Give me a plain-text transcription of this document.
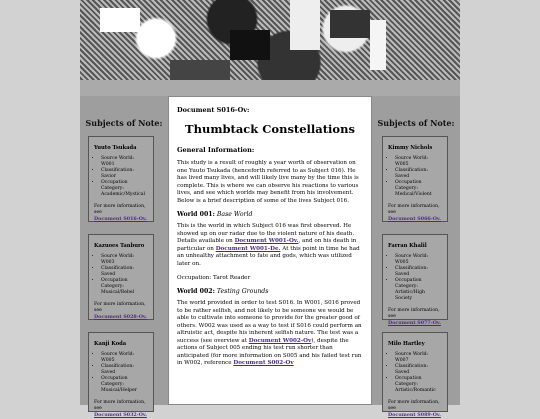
Subjects of Note:
Yuuto Tsukada
• Source World: W001
• Classification: Savior
• Occupation Category: Academic/Mystical

For more information, see
Document S016-Ov.

Kazuoes Tanburo
• Source World: W003
• Classification: Saved
• Occupation Category: Musical/Rebel

For more information, see
Document S028-Ov.

Kanji Koda
• Source World: W005
• Classification: Saved
• Occupation Category: Musical/Helper

For more information, see
Document S032-Ov.

Document S016-Ov:
Thumbtack Constellations
General Information:

This study is a result of roughly a year worth of observation on one Yuuto Tsukada (henceforth referred to as Subject 016). He has lived many lives, and will likely live many by the time this is complete. This is where we can observe his reactions to various lives, and see which worlds may benefit from his involvement. Below is a brief description of some of the lives Subject 016.

World 001: Base World

This is the world in which Subject 016 was first observed. He showed up on our radar due to the violent nature of his death. Details available on Document W001-Ov., and on his death in particular on Document W001-De. At this point in time he had an unhealthy attachment to fate and gods, which was utilized later on.

Occupation: Tarot Reader

World 002: Testing Grounds

The world provided in order to test S016. In W001, S016 proved to be rather selfish, and not likely to be someone we would be able to cultivate into someone to provide for the greater good of others. W002 was used as a way to test if S016 could perform an altruistic act, despite his inherent selfish nature. The test was a success (see overview at Document W002-Ov), despite the actions of Subject 005 ending his test run shorter than anticipated (for more information on S005 and his failed test run in W002, reference Document S002-Ov

Subjects of Note:
Kimmy Nichols
• Source World: W005
• Classification: Saved
• Occupation Category: Medical/Violent

For more information, see
Document S066-Ov.

Farran Khalil
• Source World: W005
• Classification: Saved
• Occupation Category: Artistic/High Society

For more information, see
Document S077-Ov.

Milo Hartley
• Source World: W007
• Classification: Saved
• Occupation Category: Artistic/Romantic

For more information, see
Document S089-Ov.
